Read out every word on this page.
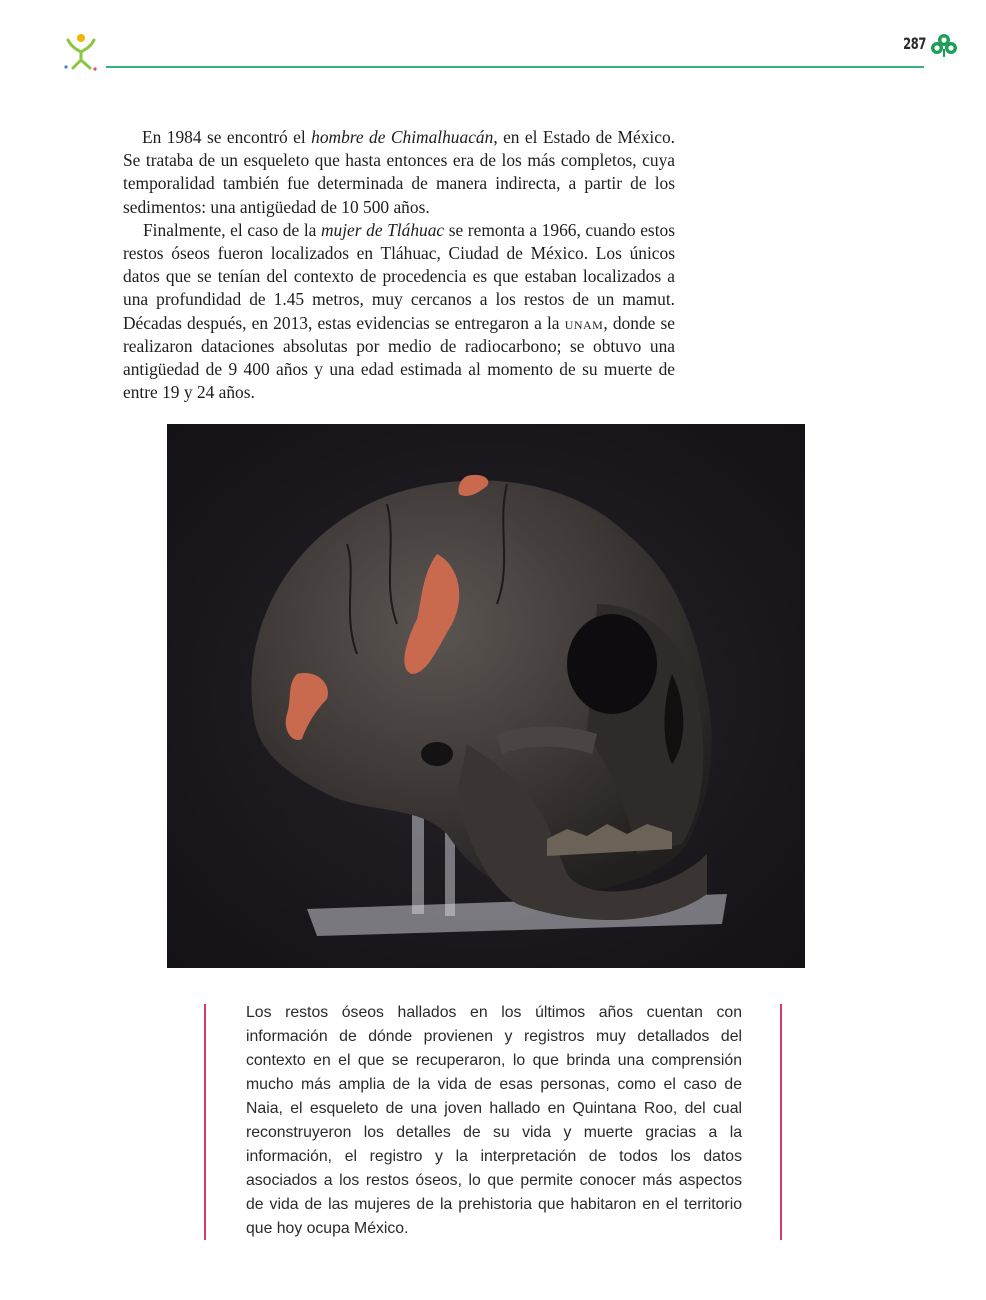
287

En 1984 se encontró el hombre de Chimalhuacán, en el Estado de México. Se trataba de un esqueleto que hasta entonces era de los más completos, cuya temporalidad también fue determinada de manera indirecta, a partir de los sedimentos: una antigüedad de 10 500 años.

Finalmente, el caso de la mujer de Tláhuac se remonta a 1966, cuando estos restos óseos fueron localizados en Tláhuac, Ciudad de México. Los únicos datos que se tenían del contexto de procedencia es que estaban localizados a una profundidad de 1.45 metros, muy cercanos a los restos de un mamut. Décadas después, en 2013, estas evidencias se entregaron a la unam, donde se realizaron dataciones absolutas por medio de radiocarbono; se obtuvo una antigüedad de 9 400 años y una edad estimada al momento de su muerte de entre 19 y 24 años.

Los restos óseos hallados en los últimos años cuentan con información de dónde provienen y registros muy detallados del contexto en el que se recuperaron, lo que brinda una comprensión mucho más amplia de la vida de esas personas, como el caso de Naia, el esqueleto de una joven hallado en Quintana Roo, del cual reconstruyeron los detalles de su vida y muerte gracias a la información, el registro y la interpretación de todos los datos asociados a los restos óseos, lo que permite conocer más aspectos de vida de las mujeres de la prehistoria que habitaron en el territorio que hoy ocupa México.
